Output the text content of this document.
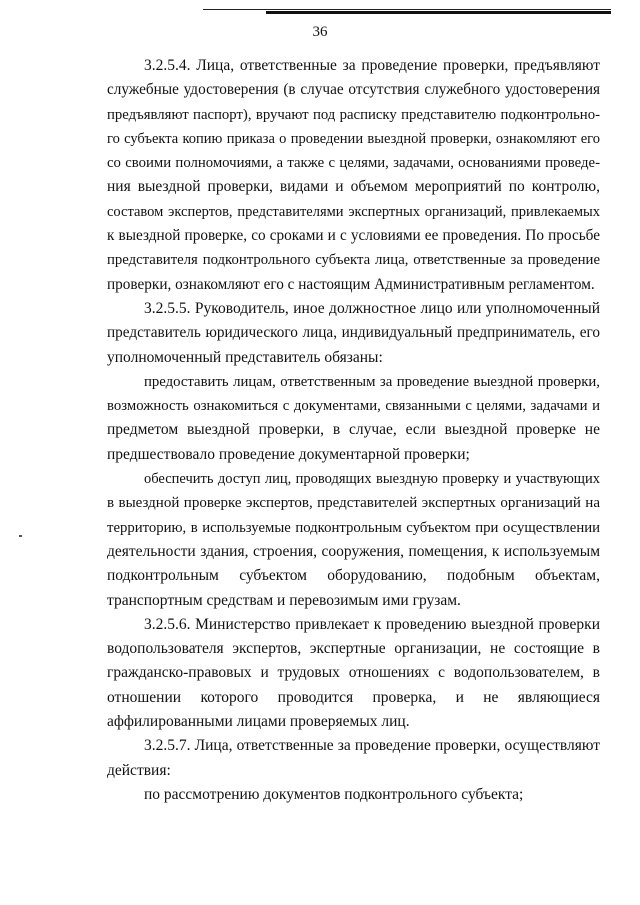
36
3.2.5.4. Лица, ответственные за проведение проверки, предъявляют
служебные удостоверения (в случае отсутствия служебного удостоверения
предъявляют паспорт), вручают под расписку представителю подконтрольно-
го субъекта копию приказа о проведении выездной проверки, ознакомляют его
со своими полномочиями, а также с целями, задачами, основаниями проведе-
ния выездной проверки, видами и объемом мероприятий по контролю,
составом экспертов, представителями экспертных организаций, привлекаемых
к выездной проверке, со сроками и с условиями ее проведения. По просьбе
представителя подконтрольного субъекта лица, ответственные за проведение
проверки, ознакомляют его с настоящим Административным регламентом.
3.2.5.5. Руководитель, иное должностное лицо или уполномоченный
представитель юридического лица, индивидуальный предприниматель, его
уполномоченный представитель обязаны:
предоставить лицам, ответственным за проведение выездной проверки,
возможность ознакомиться с документами, связанными с целями, задачами и
предметом выездной проверки, в случае, если выездной проверке не
предшествовало проведение документарной проверки;
обеспечить доступ лиц, проводящих выездную проверку и участвующих
в выездной проверке экспертов, представителей экспертных организаций на
территорию, в используемые подконтрольным субъектом при осуществлении
деятельности здания, строения, сооружения, помещения, к используемым
подконтрольным субъектом оборудованию, подобным объектам,
транспортным средствам и перевозимым ими грузам.
3.2.5.6. Министерство привлекает к проведению выездной проверки
водопользователя экспертов, экспертные организации, не состоящие в
гражданско-правовых и трудовых отношениях с водопользователем, в
отношении которого проводится проверка, и не являющиеся
аффилированными лицами проверяемых лиц.
3.2.5.7. Лица, ответственные за проведение проверки, осуществляют
действия:
по рассмотрению документов подконтрольного субъекта;
